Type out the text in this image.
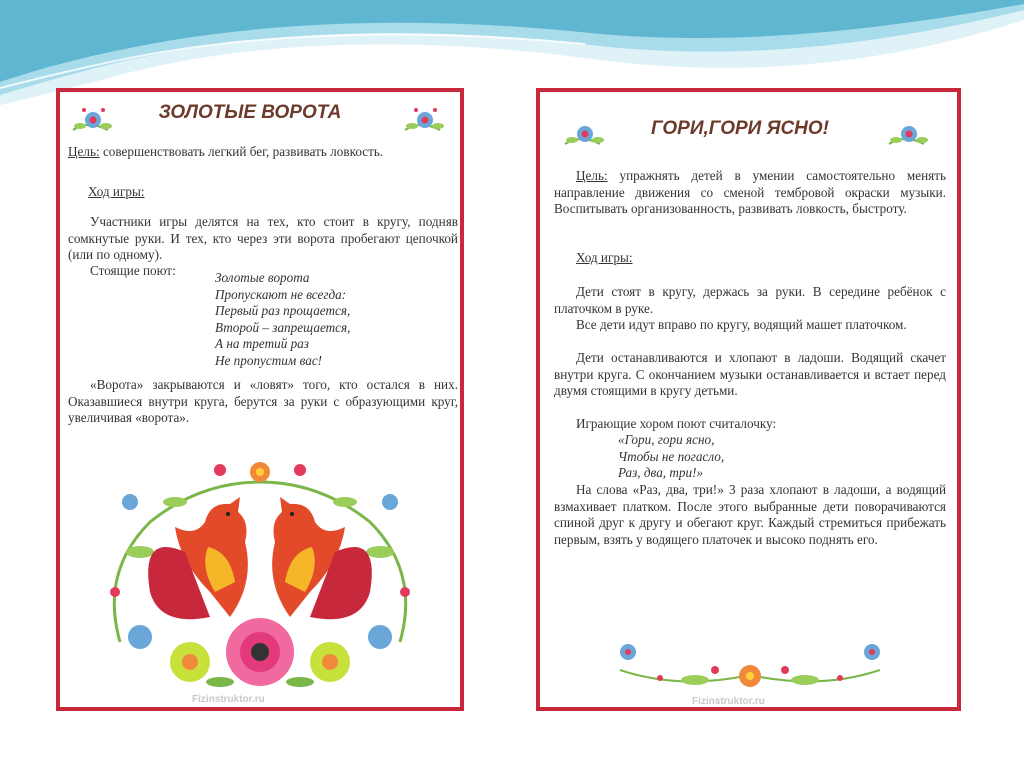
ЗОЛОТЫЕ ВОРОТА
Цель: совершенствовать легкий бег, развивать ловкость.
Ход игры:
Участники игры делятся на тех, кто стоит в кругу, подняв сомкнутые руки. И тех, кто через эти ворота пробегают цепочкой (или по одному).
Стоящие поют:	Золотые ворота
Пропускают не всегда:
Первый раз прощается,
Второй – запрещается,
А на третий раз
Не пропустим вас!
«Ворота» закрываются и «ловят» того, кто остался в них. Оказавшиеся внутри круга, берутся за руки с образующими круг, увеличивая «ворота».
Fizinstruktor.ru
ГОРИ,ГОРИ ЯСНО!
Цель: упражнять детей в умении самостоятельно менять направление движения со сменой тембровой окраски музыки. Воспитывать организованность, развивать ловкость, быстроту.
Ход игры:
Дети стоят в кругу, держась за руки. В середине ребёнок с платочком в руке.
Все дети идут вправо по кругу, водящий машет платочком.
Дети останавливаются и хлопают в ладоши. Водящий скачет внутри круга. С окончанием музыки останавливается и встает перед двумя стоящими в кругу детьми.
Играющие хором поют считалочку:
«Гори, гори ясно,
Чтобы не погасло,
Раз, два, три!»
На слова «Раз, два, три!» 3 раза хлопают в ладоши, а водящий взмахивает платком. После этого выбранные дети поворачиваются спиной друг к другу и обегают круг. Каждый стремиться прибежать первым, взять у водящего платочек и высоко поднять его.
Fizinstruktor.ru
